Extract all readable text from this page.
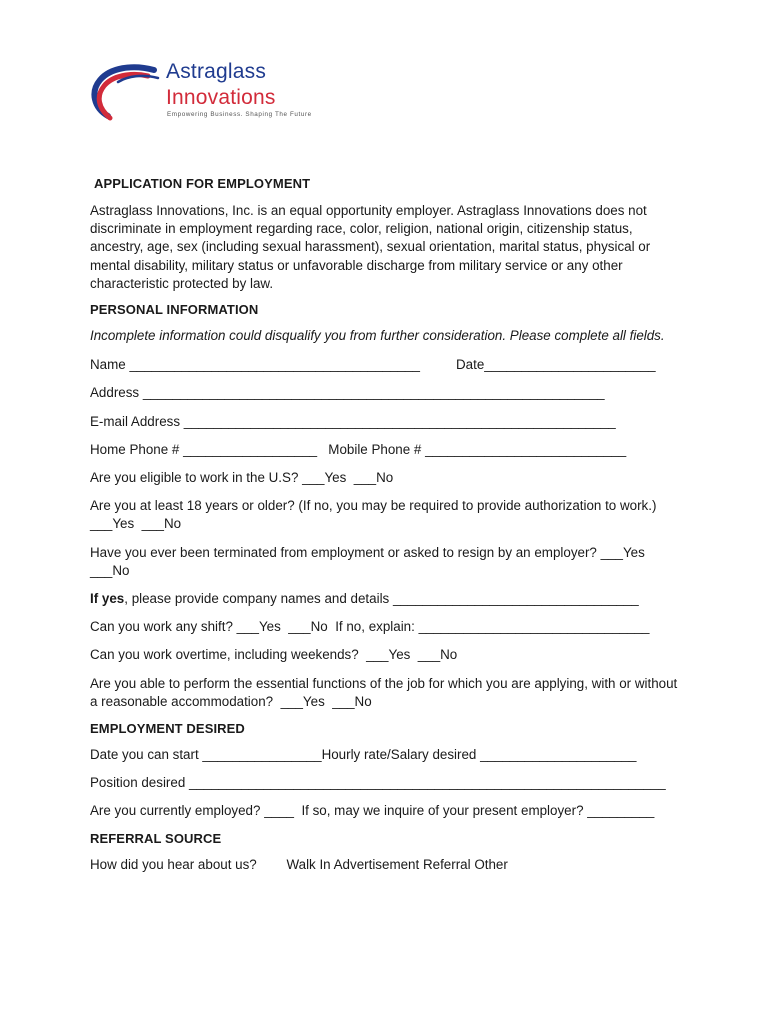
Astraglass
Innovations
Empowering Business. Shaping The Future
APPLICATION FOR EMPLOYMENT
Astraglass Innovations, Inc. is an equal opportunity employer. Astraglass Innovations does not discriminate in employment regarding race, color, religion, national origin, citizenship status, ancestry, age, sex (including sexual harassment), sexual orientation, marital status, physical or mental disability, military status or unfavorable discharge from military service or any other characteristic protected by law.
PERSONAL INFORMATION
Incomplete information could disqualify you from further consideration. Please complete all fields.
Name _______________________________________	Date_______________________
Address ______________________________________________________________
E-mail Address __________________________________________________________
Home Phone # __________________ Mobile Phone # ___________________________
Are you eligible to work in the U.S? ___Yes ___No
Are you at least 18 years or older? (If no, you may be required to provide authorization to work.)
___Yes ___No
Have you ever been terminated from employment or asked to resign by an employer? ___Yes
___No
If yes, please provide company names and details _________________________________
Can you work any shift? ___Yes ___No If no, explain: _______________________________
Can you work overtime, including weekends? ___Yes ___No
Are you able to perform the essential functions of the job for which you are applying, with or without a reasonable accommodation? ___Yes ___No
EMPLOYMENT DESIRED
Date you can start ________________Hourly rate/Salary desired _____________________
Position desired ________________________________________________________________
Are you currently employed? ____ If so, may we inquire of your present employer? _________
REFERRAL SOURCE
How did you hear about us? Walk In Advertisement Referral Other
